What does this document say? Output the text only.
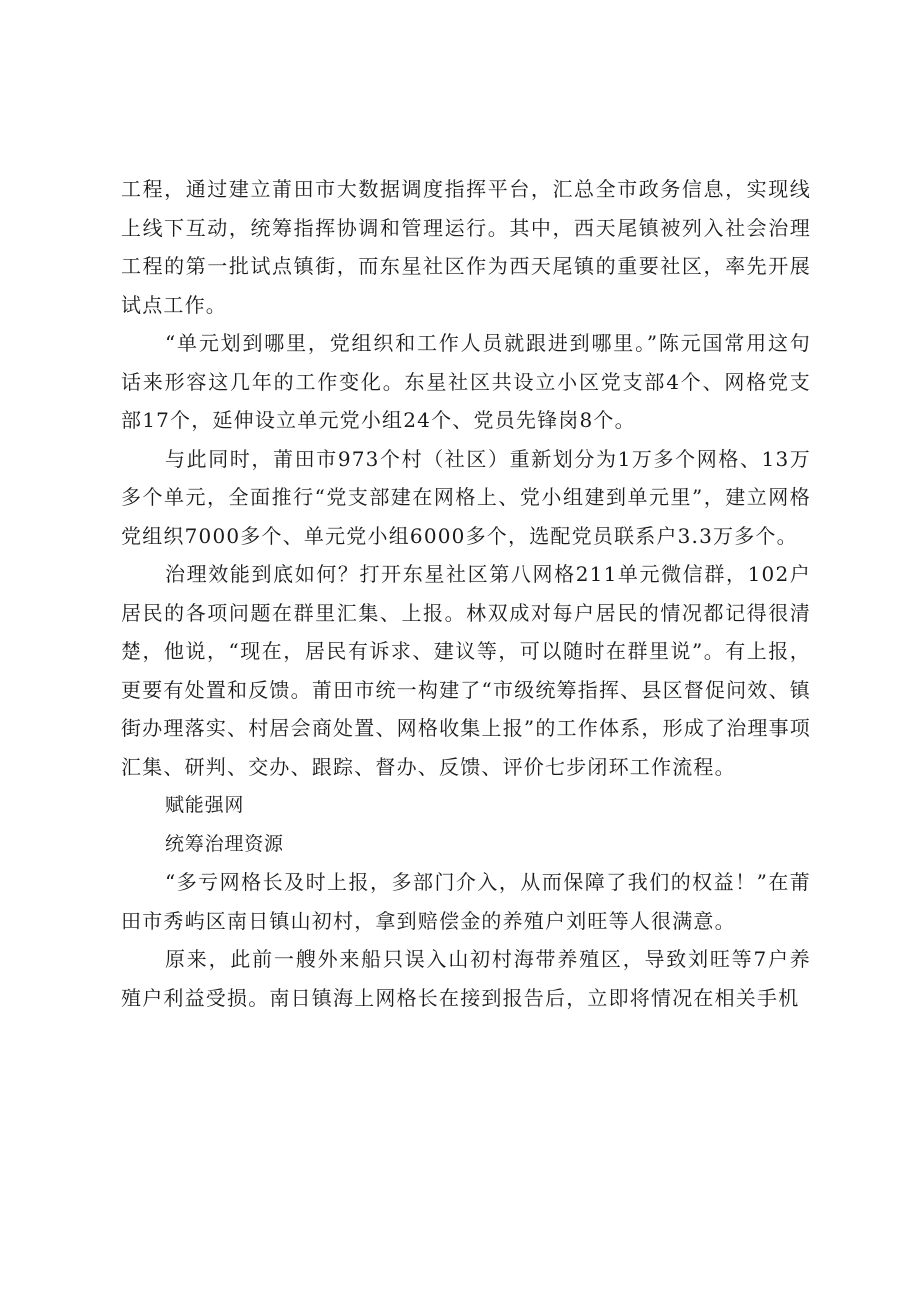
工程，通过建立莆田市大数据调度指挥平台，汇总全市政务信息，实现线上线下互动，统筹指挥协调和管理运行。其中，西天尾镇被列入社会治理工程的第一批试点镇街，而东星社区作为西天尾镇的重要社区，率先开展试点工作。

“单元划到哪里，党组织和工作人员就跟进到哪里。”陈元国常用这句话来形容这几年的工作变化。东星社区共设立小区党支部4个、网格党支部17个，延伸设立单元党小组24个、党员先锋岗8个。

与此同时，莆田市973个村（社区）重新划分为1万多个网格、13万多个单元，全面推行“党支部建在网格上、党小组建到单元里”，建立网格党组织7000多个、单元党小组6000多个，选配党员联系户3.3万多个。

治理效能到底如何？打开东星社区第八网格211单元微信群，102户居民的各项问题在群里汇集、上报。林双成对每户居民的情况都记得很清楚，他说，“现在，居民有诉求、建议等，可以随时在群里说”。有上报，更要有处置和反馈。莆田市统一构建了“市级统筹指挥、县区督促问效、镇街办理落实、村居会商处置、网格收集上报”的工作体系，形成了治理事项汇集、研判、交办、跟踪、督办、反馈、评价七步闭环工作流程。

赋能强网

统筹治理资源

“多亏网格长及时上报，多部门介入，从而保障了我们的权益！”在莆田市秀屿区南日镇山初村，拿到赔偿金的养殖户刘旺等人很满意。

原来，此前一艘外来船只误入山初村海带养殖区，导致刘旺等7户养殖户利益受损。南日镇海上网格长在接到报告后，立即将情况在相关手机
